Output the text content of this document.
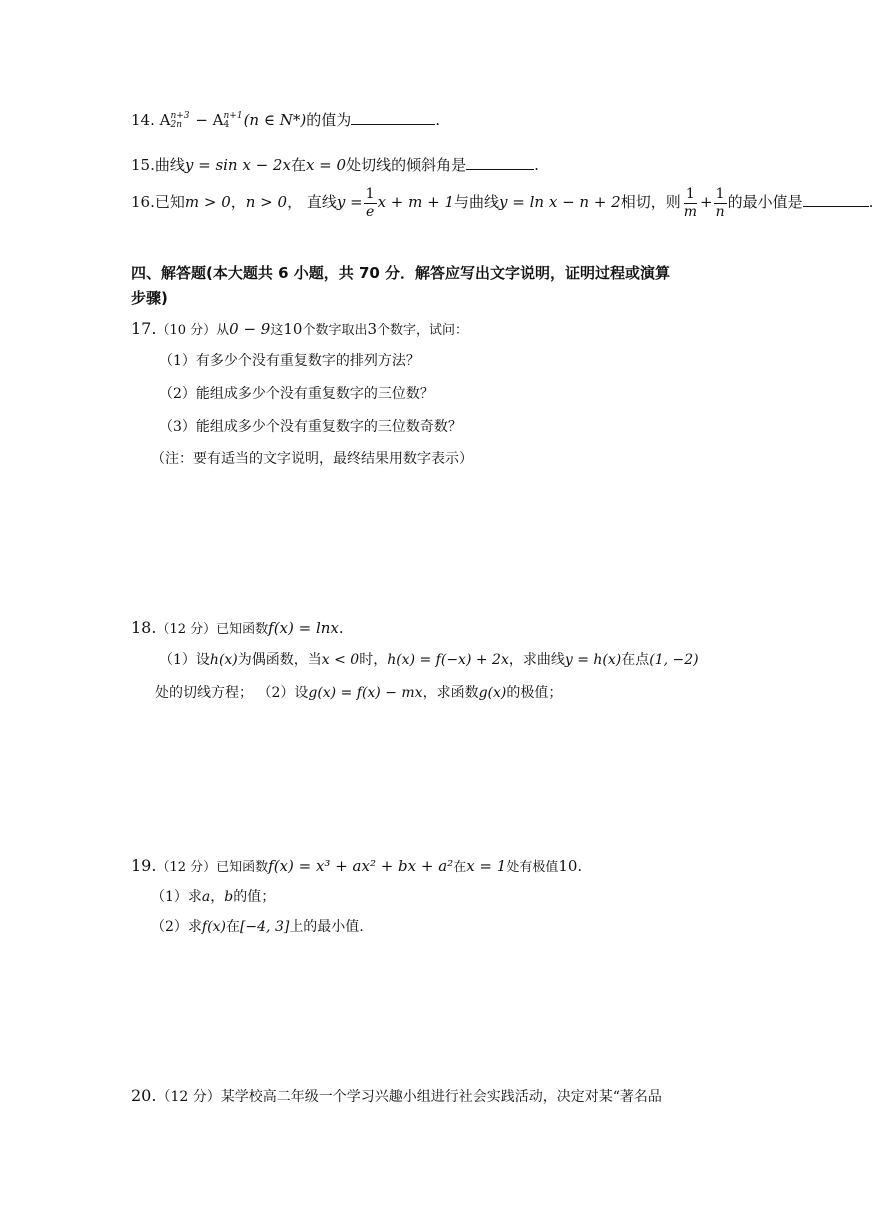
14. A n+3
2n − A n+1
4 (n ∈ N*)的值为	.
15.曲线y = sin x − 2x在x = 0处切线的倾斜角是	.
16.已知m > 0，n > 0， 直线$y = \frac{1}{e}$ x + m + 1与曲线y = ln x − n + 2相切，则 $\frac{1}{m} + \frac{1}{n}$ 的最小值是	.
四、解答题(本大题共 6 小题，共 70 分．解答应写出文字说明，证明过程或演算
步骤)
17.（10 分）从0 − 9这10个数字取出3个数字，试问：
（1）有多少个没有重复数字的排列方法？
（2）能组成多少个没有重复数字的三位数？
（3）能组成多少个没有重复数字的三位数奇数？
（注：要有适当的文字说明，最终结果用数字表示）
18.（12 分）已知函数f(x) = lnx.
（1）设h(x)为偶函数，当x < 0时，h(x) = f(−x) + 2x，求曲线y = h(x)在点(1, −2)
处的切线方程； （2）设g(x) = f(x) − mx，求函数g(x)的极值；
19.（12 分）已知函数f(x) = x³ + ax² + bx + a²在x = 1处有极值10.
（1）求a，b的值；
（2）求f(x)在[−4, 3]上的最小值.
20.（12 分）某学校高二年级一个学习兴趣小组进行社会实践活动，决定对某“著名品
